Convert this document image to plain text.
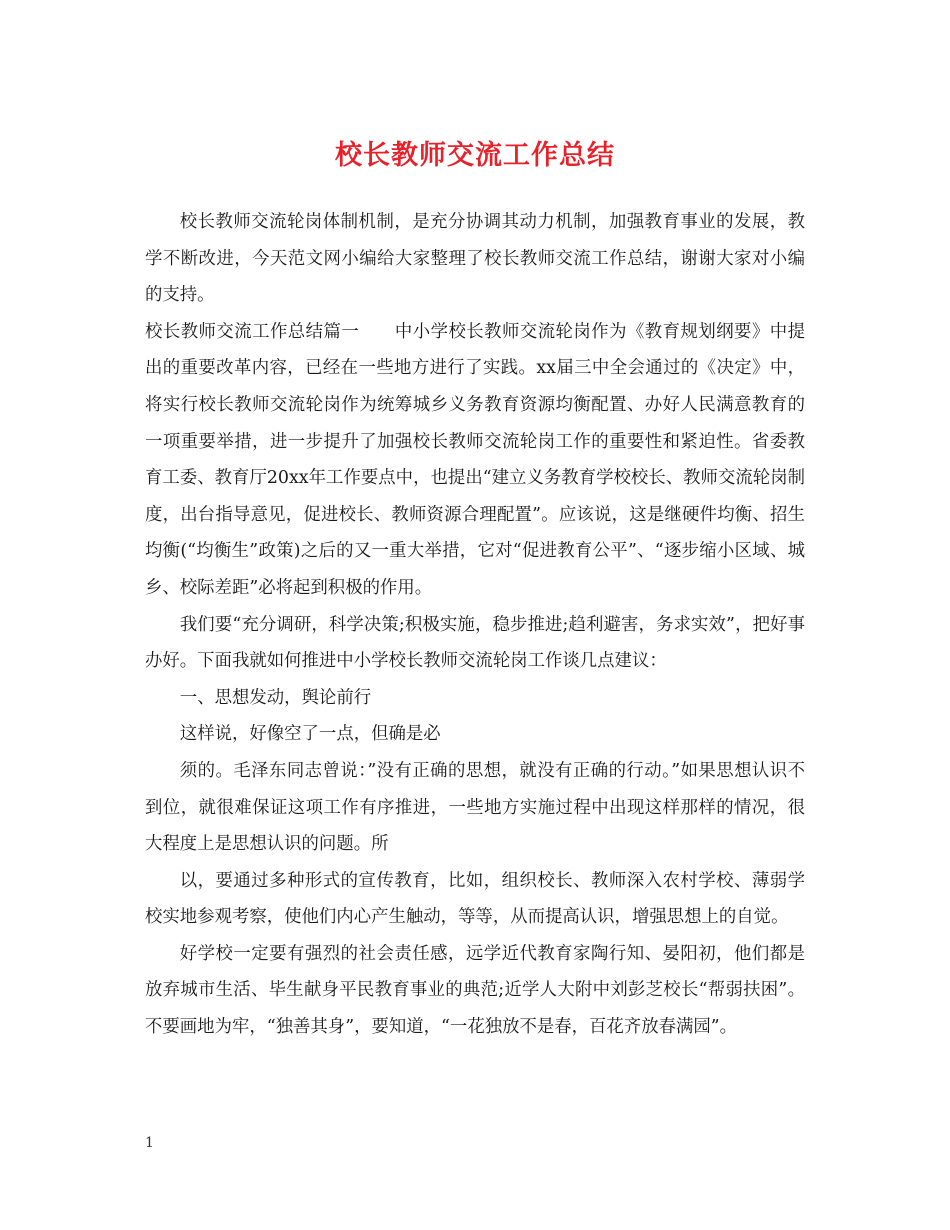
校长教师交流工作总结

校长教师交流轮岗体制机制，是充分协调其动力机制，加强教育事业的发展，教学不断改进，今天范文网小编给大家整理了校长教师交流工作总结，谢谢大家对小编的支持。

校长教师交流工作总结篇一　　中小学校长教师交流轮岗作为《教育规划纲要》中提出的重要改革内容，已经在一些地方进行了实践。xx届三中全会通过的《决定》中，将实行校长教师交流轮岗作为统筹城乡义务教育资源均衡配置、办好人民满意教育的一项重要举措，进一步提升了加强校长教师交流轮岗工作的重要性和紧迫性。省委教育工委、教育厅20xx年工作要点中，也提出“建立义务教育学校校长、教师交流轮岗制度，出台指导意见，促进校长、教师资源合理配置”。应该说，这是继硬件均衡、招生均衡(“均衡生”政策)之后的又一重大举措，它对“促进教育公平”、“逐步缩小区域、城乡、校际差距”必将起到积极的作用。

我们要“充分调研，科学决策;积极实施，稳步推进;趋利避害，务求实效”，把好事办好。下面我就如何推进中小学校长教师交流轮岗工作谈几点建议：

一、思想发动，舆论前行

这样说，好像空了一点，但确是必

须的。毛泽东同志曾说：”没有正确的思想，就没有正确的行动。”如果思想认识不到位，就很难保证这项工作有序推进，一些地方实施过程中出现这样那样的情况，很大程度上是思想认识的问题。所

以，要通过多种形式的宣传教育，比如，组织校长、教师深入农村学校、薄弱学校实地参观考察，使他们内心产生触动，等等，从而提高认识，增强思想上的自觉。

好学校一定要有强烈的社会责任感，远学近代教育家陶行知、晏阳初，他们都是放弃城市生活、毕生献身平民教育事业的典范;近学人大附中刘彭芝校长“帮弱扶困”。不要画地为牢，“独善其身”，要知道，“一花独放不是春，百花齐放春满园”。

1
